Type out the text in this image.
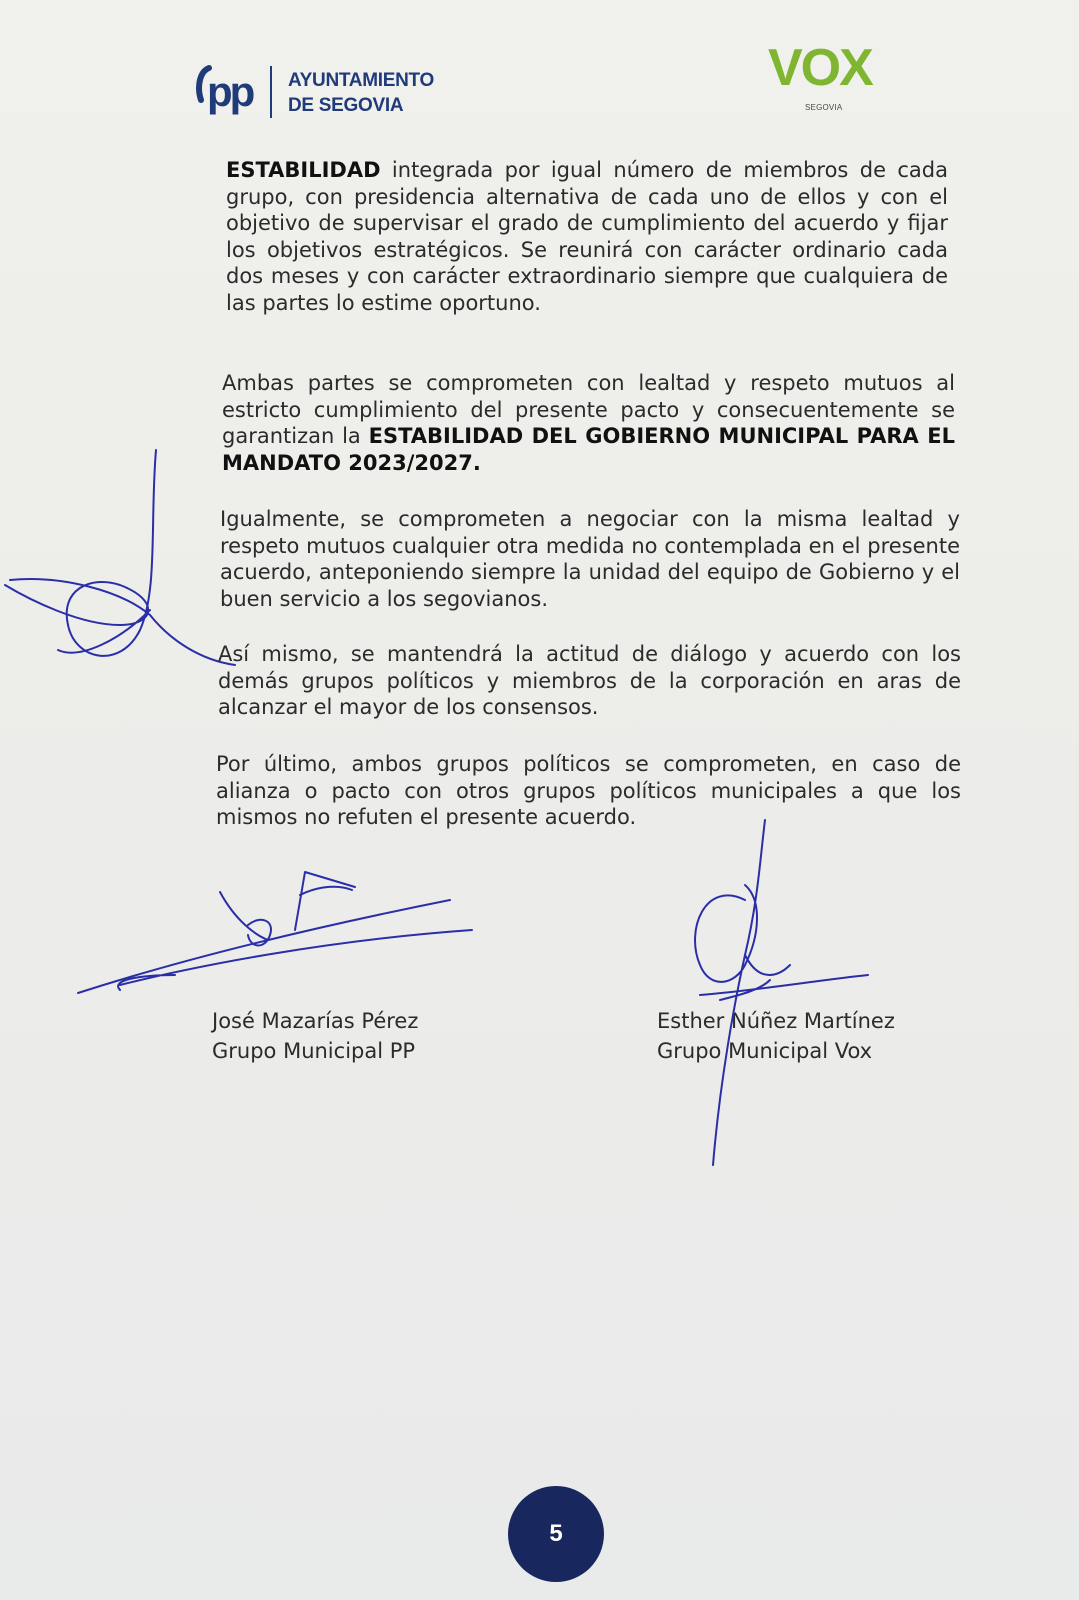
pp AYUNTAMIENTO
DE SEGOVIA
VOX
SEGOVIA
ESTABILIDAD integrada por igual número de miembros de cada grupo, con presidencia alternativa de cada uno de ellos y con el objetivo de supervisar el grado de cumplimiento del acuerdo y fijar los objetivos estratégicos. Se reunirá con carácter ordinario cada dos meses y con carácter extraordinario siempre que cualquiera de las partes lo estime oportuno.
Ambas partes se comprometen con lealtad y respeto mutuos al estricto cumplimiento del presente pacto y consecuentemente se garantizan la ESTABILIDAD DEL GOBIERNO MUNICIPAL PARA EL MANDATO 2023/2027.
Igualmente, se comprometen a negociar con la misma lealtad y respeto mutuos cualquier otra medida no contemplada en el presente acuerdo, anteponiendo siempre la unidad del equipo de Gobierno y el buen servicio a los segovianos.
Así mismo, se mantendrá la actitud de diálogo y acuerdo con los demás grupos políticos y miembros de la corporación en aras de alcanzar el mayor de los consensos.
Por último, ambos grupos políticos se comprometen, en caso de alianza o pacto con otros grupos políticos municipales a que los mismos no refuten el presente acuerdo.
José Mazarías Pérez
Grupo Municipal PP
Esther Núñez Martínez
Grupo Municipal Vox
5
